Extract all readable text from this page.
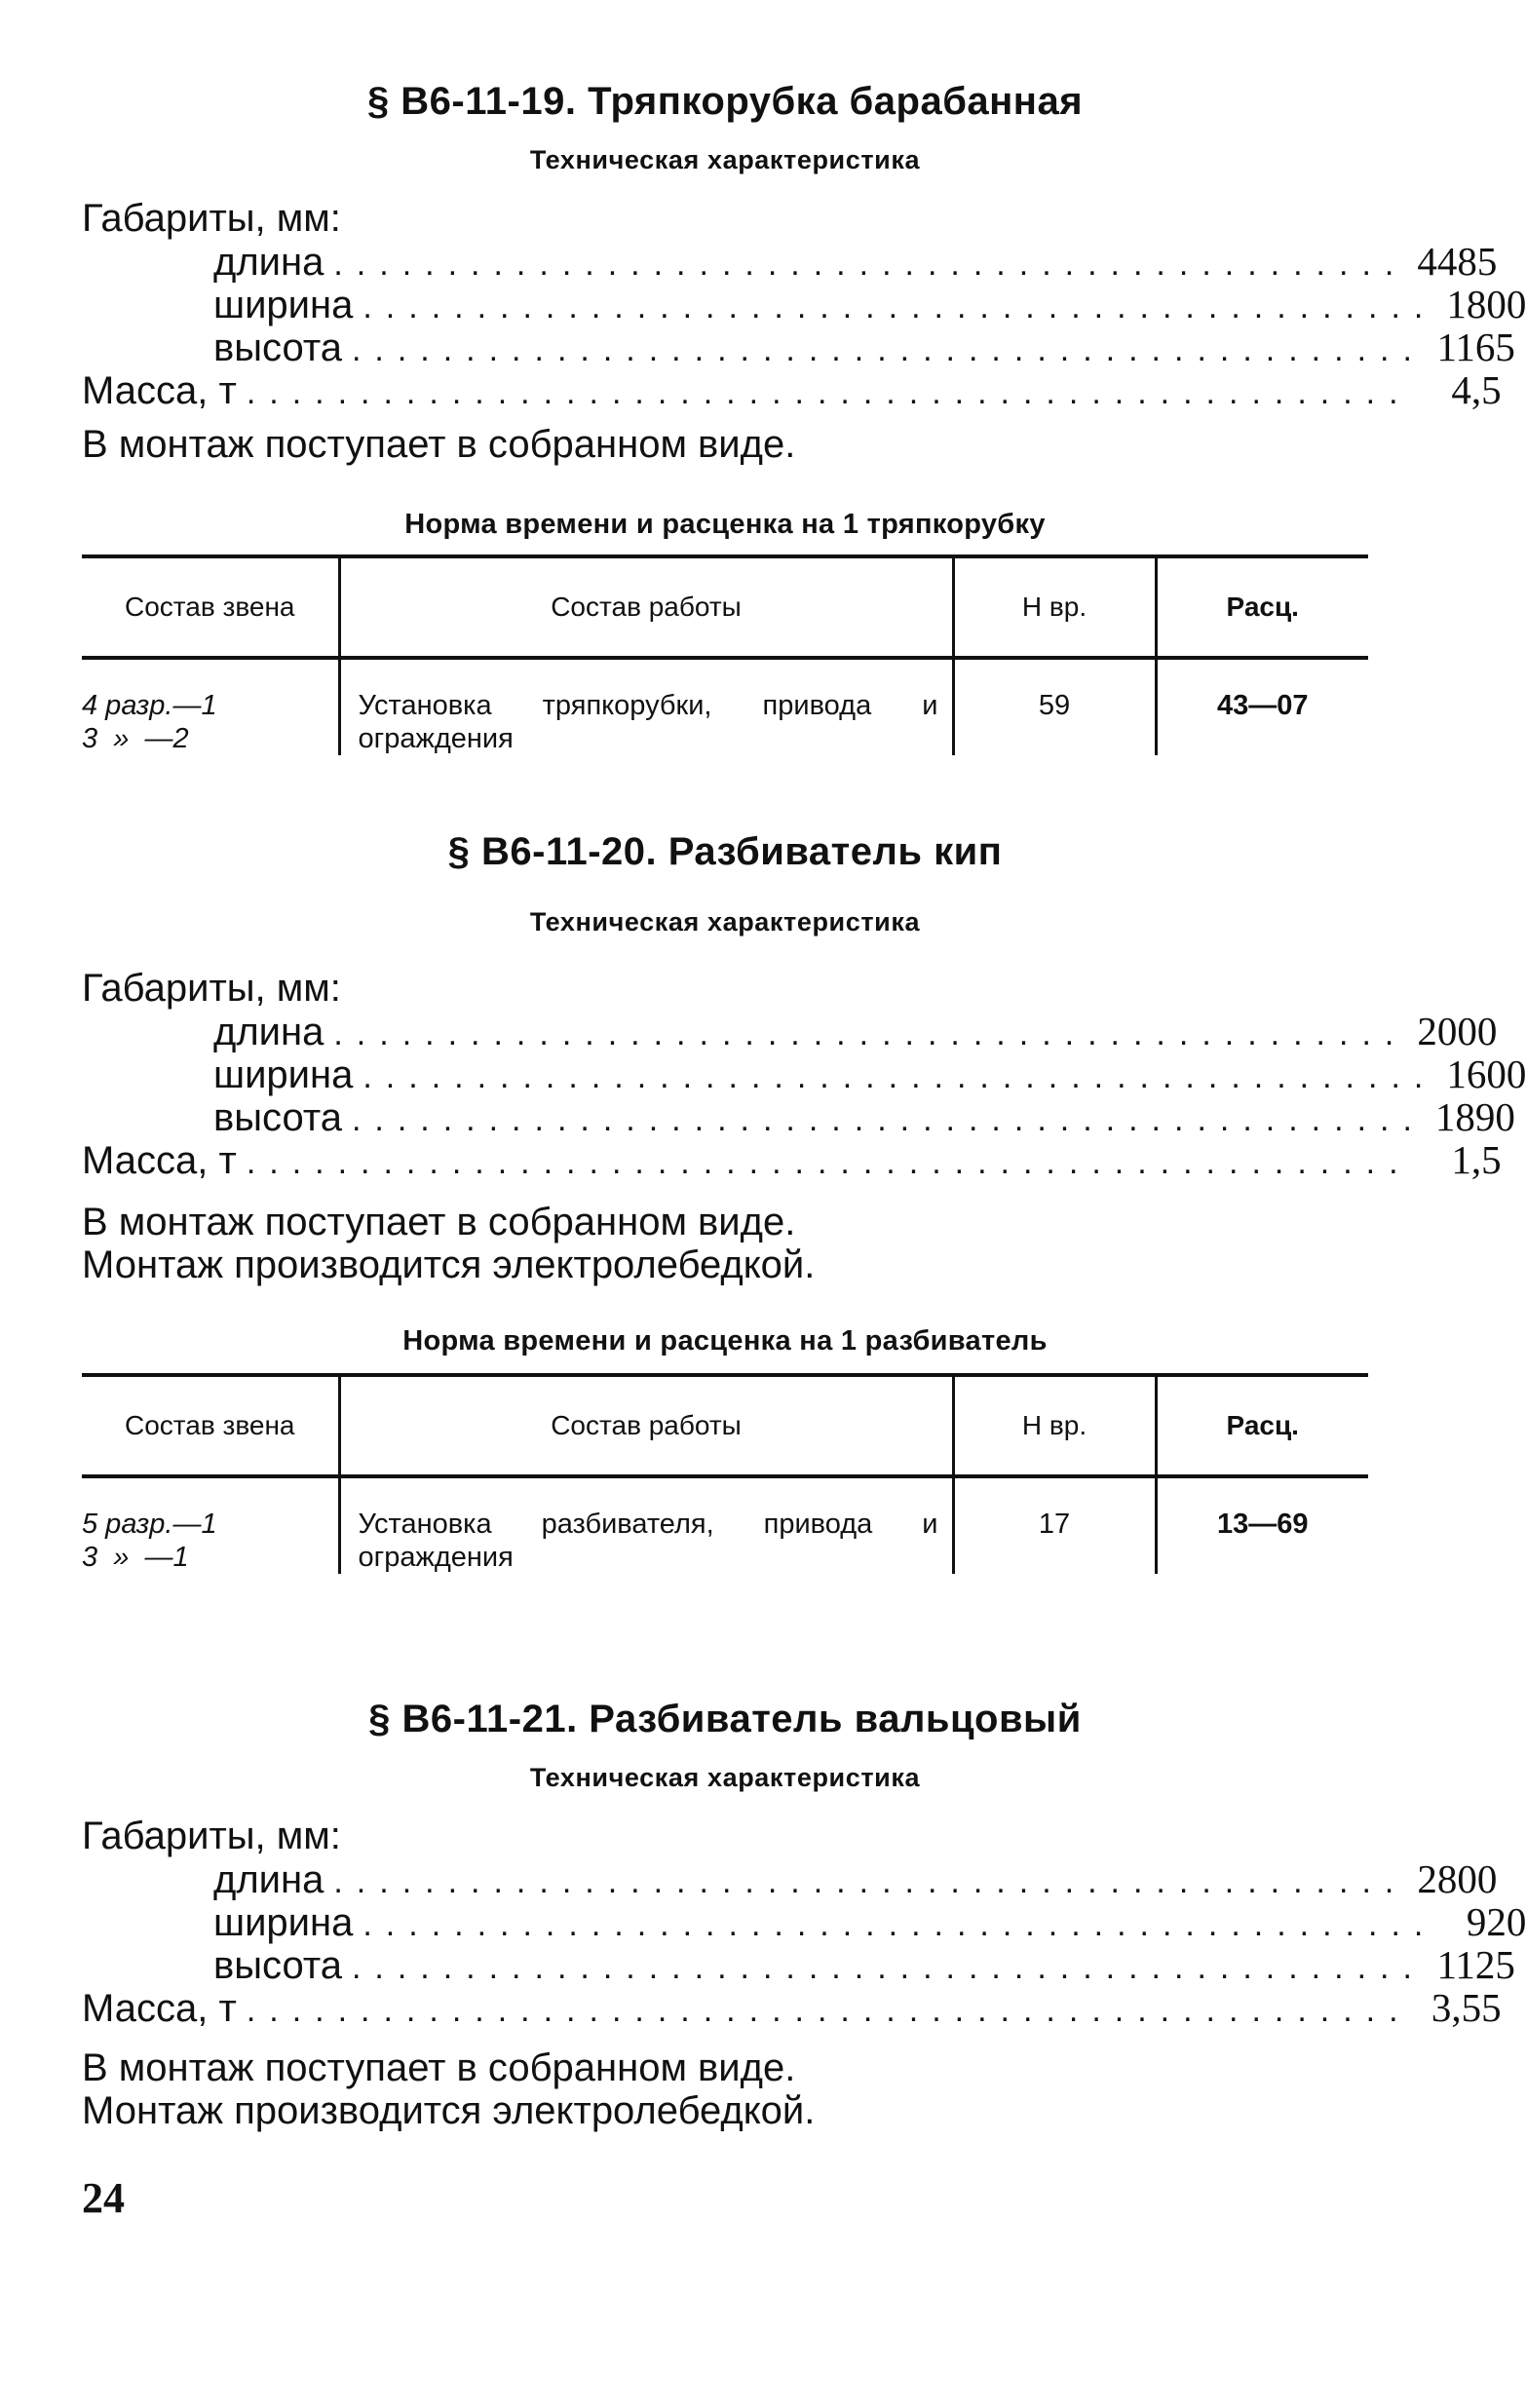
§ В6-11-19. Тряпкорубка барабанная
Техническая характеристика
Габариты, мм:
длина ............................................... 4485
ширина ............................................... 1800
высота ............................................... 1165
Масса, т ................................................... 4,5
В монтаж поступает в собранном виде.
Норма времени и расценка на 1 тряпкорубку
Состав звена	Состав работы	Н вр.	Расц.

4 разр.—1
3  »  —2	Установка тряпкорубки, привода и ограждения	59	43—07
§ В6-11-20. Разбиватель кип
Техническая характеристика
Габариты, мм:
длина ............................................... 2000
ширина ............................................... 1600
высота ............................................... 1890
Масса, т ................................................... 1,5
В монтаж поступает в собранном виде.
Монтаж производится электролебедкой.
Норма времени и расценка на 1 разбиватель
Состав звена	Состав работы	Н вр.	Расц.

5 разр.—1
3  »  —1	Установка разбивателя, привода и ограждения	17	13—69
§ В6-11-21. Разбиватель вальцовый
Техническая характеристика
Габариты, мм:
длина ............................................... 2800
ширина ............................................... 920
высота ............................................... 1125
Масса, т ................................................... 3,55
В монтаж поступает в собранном виде.
Монтаж производится электролебедкой.
24
